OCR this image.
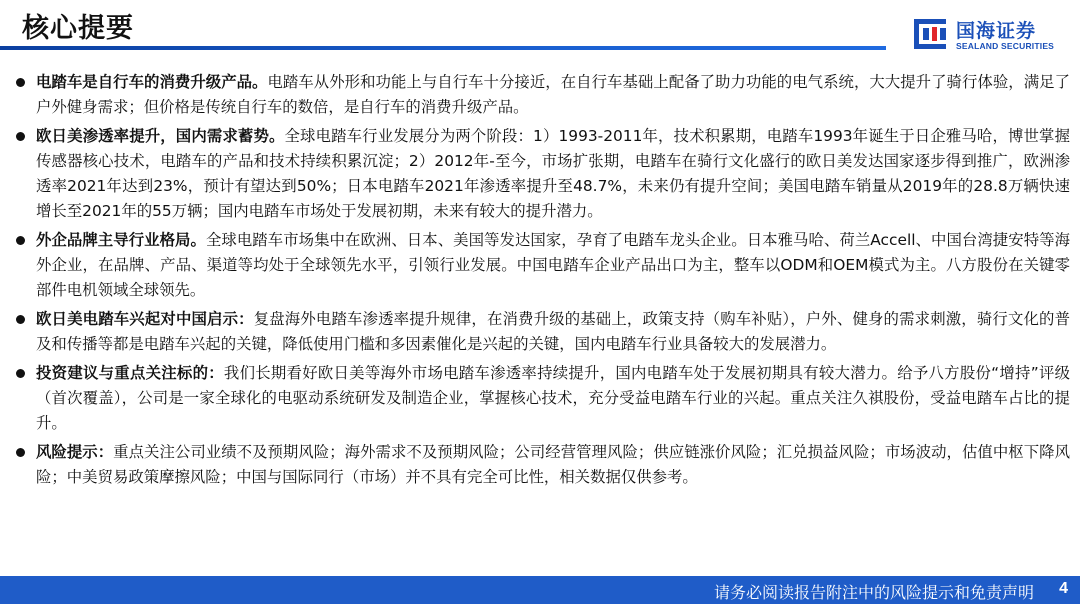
核心提要	国海证券
SEALAND SECURITIES
电踏车是自行车的消费升级产品。电踏车从外形和功能上与自行车十分接近，在自行车基础上配备了助力功能的电气系统，大大提升了骑行体验，满足了户外健身需求；但价格是传统自行车的数倍，是自行车的消费升级产品。
欧日美渗透率提升，国内需求蓄势。全球电踏车行业发展分为两个阶段：1）1993-2011年，技术积累期，电踏车1993年诞生于日企雅马哈，博世掌握传感器核心技术，电踏车的产品和技术持续积累沉淀；2）2012年-至今，市场扩张期，电踏车在骑行文化盛行的欧日美发达国家逐步得到推广，欧洲渗透率2021年达到23%，预计有望达到50%；日本电踏车2021年渗透率提升至48.7%，未来仍有提升空间；美国电踏车销量从2019年的28.8万辆快速增长至2021年的55万辆；国内电踏车市场处于发展初期，未来有较大的提升潜力。
外企品牌主导行业格局。全球电踏车市场集中在欧洲、日本、美国等发达国家，孕育了电踏车龙头企业。日本雅马哈、荷兰Accell、中国台湾捷安特等海外企业，在品牌、产品、渠道等均处于全球领先水平，引领行业发展。中国电踏车企业产品出口为主，整车以ODM和OEM模式为主。八方股份在关键零部件电机领域全球领先。
欧日美电踏车兴起对中国启示：复盘海外电踏车渗透率提升规律，在消费升级的基础上，政策支持（购车补贴），户外、健身的需求刺激，骑行文化的普及和传播等都是电踏车兴起的关键，降低使用门槛和多因素催化是兴起的关键，国内电踏车行业具备较大的发展潜力。
投资建议与重点关注标的：我们长期看好欧日美等海外市场电踏车渗透率持续提升，国内电踏车处于发展初期具有较大潜力。给予八方股份“增持”评级（首次覆盖），公司是一家全球化的电驱动系统研发及制造企业，掌握核心技术，充分受益电踏车行业的兴起。重点关注久祺股份，受益电踏车占比的提升。
风险提示：重点关注公司业绩不及预期风险；海外需求不及预期风险；公司经营管理风险；供应链涨价风险；汇兑损益风险；市场波动，估值中枢下降风险；中美贸易政策摩擦风险；中国与国际同行（市场）并不具有完全可比性，相关数据仅供参考。
请务必阅读报告附注中的风险提示和免责声明 4
